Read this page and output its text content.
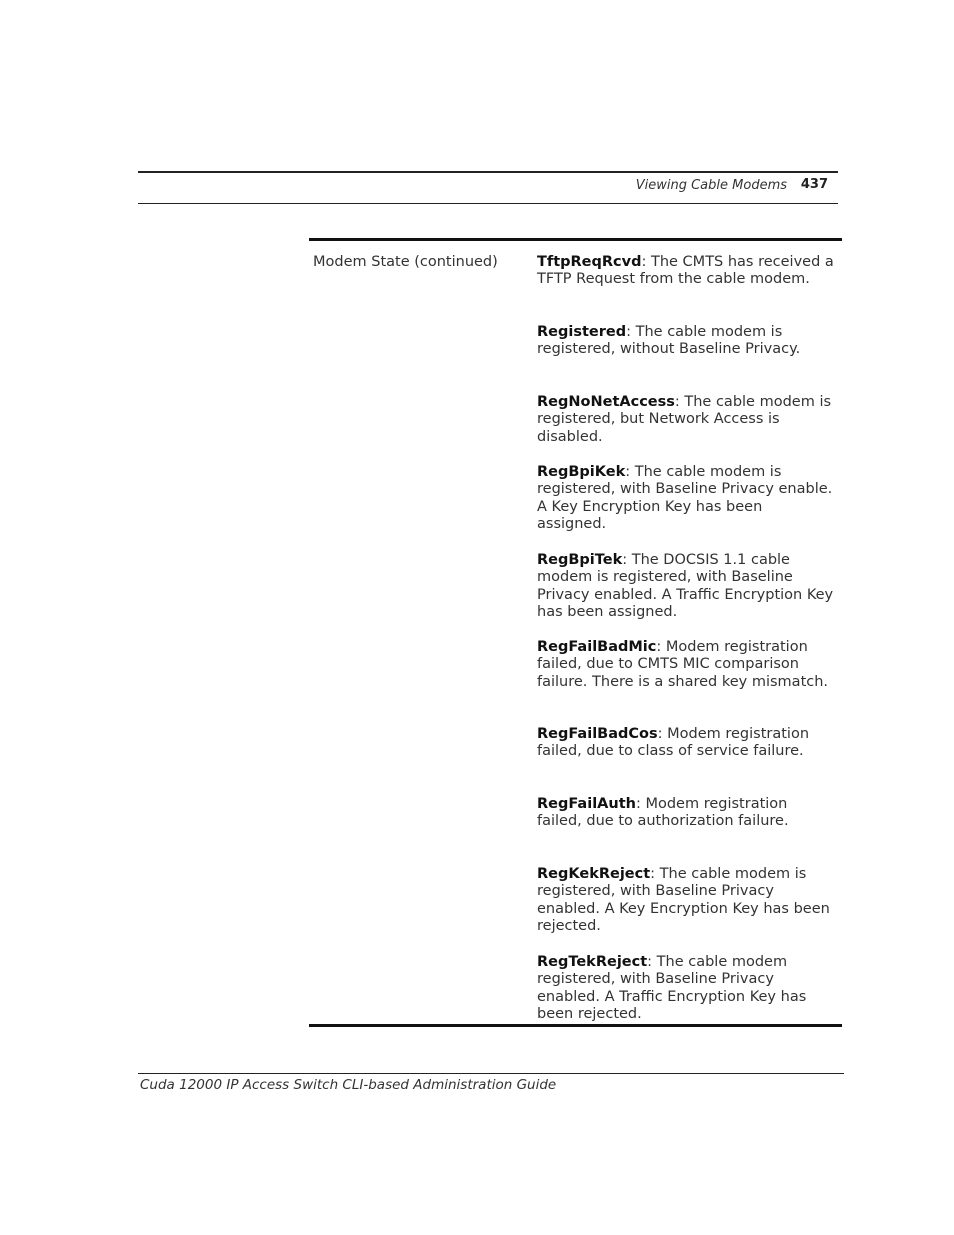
Viewing Cable Modems 437
Modem State (continued)	TftpReqRcvd: The CMTS has received a TFTP Request from the cable modem.
Registered: The cable modem is registered, without Baseline Privacy.
RegNoNetAccess: The cable modem is registered, but Network Access is disabled.
RegBpiKek: The cable modem is registered, with Baseline Privacy enable. A Key Encryption Key has been assigned.
RegBpiTek: The DOCSIS 1.1 cable modem is registered, with Baseline Privacy enabled. A Traffic Encryption Key has been assigned.
RegFailBadMic: Modem registration failed, due to CMTS MIC comparison failure. There is a shared key mismatch.
RegFailBadCos: Modem registration failed, due to class of service failure.
RegFailAuth: Modem registration failed, due to authorization failure.
RegKekReject: The cable modem is registered, with Baseline Privacy enabled. A Key Encryption Key has been rejected.
RegTekReject: The cable modem registered, with Baseline Privacy enabled. A Traffic Encryption Key has been rejected.
Cuda 12000 IP Access Switch CLI-based Administration Guide
